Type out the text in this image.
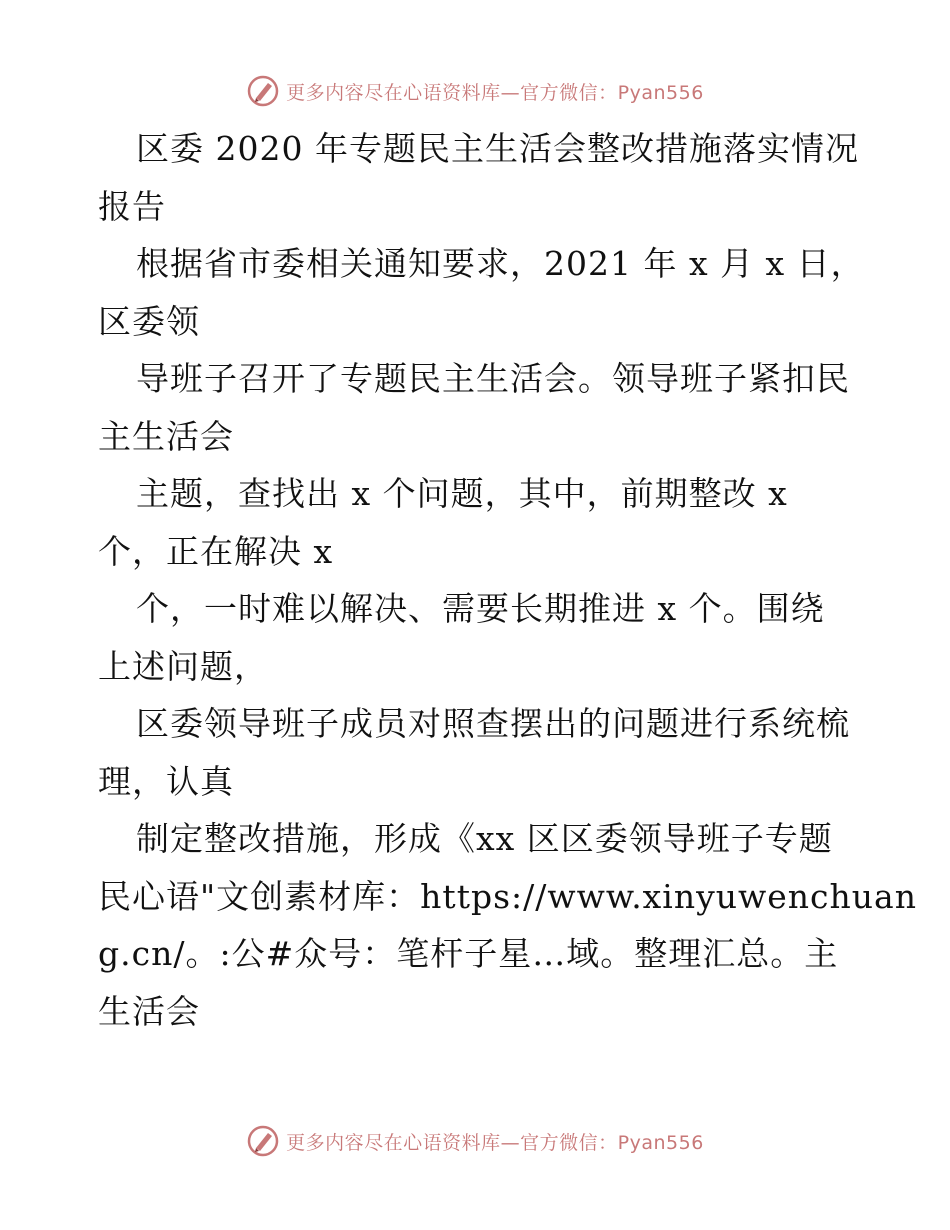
更多内容尽在心语资料库—官方微信：Pyan556
区委 2020 年专题民主生活会整改措施落实情况
报告
根据省市委相关通知要求，2021 年 x 月 x 日，
区委领
导班子召开了专题民主生活会。领导班子紧扣民
主生活会
主题，查找出 x 个问题，其中，前期整改 x
个，正在解决 x
个，一时难以解决、需要长期推进 x 个。围绕
上述问题，
区委领导班子成员对照查摆出的问题进行系统梳
理，认真
制定整改措施，形成《xx 区区委领导班子专题
民心语"文创素材库：https://www.xinyuwenchuan
g.cn/。:公#众号：笔杆子星…域。整理汇总。主
生活会
更多内容尽在心语资料库—官方微信：Pyan556
